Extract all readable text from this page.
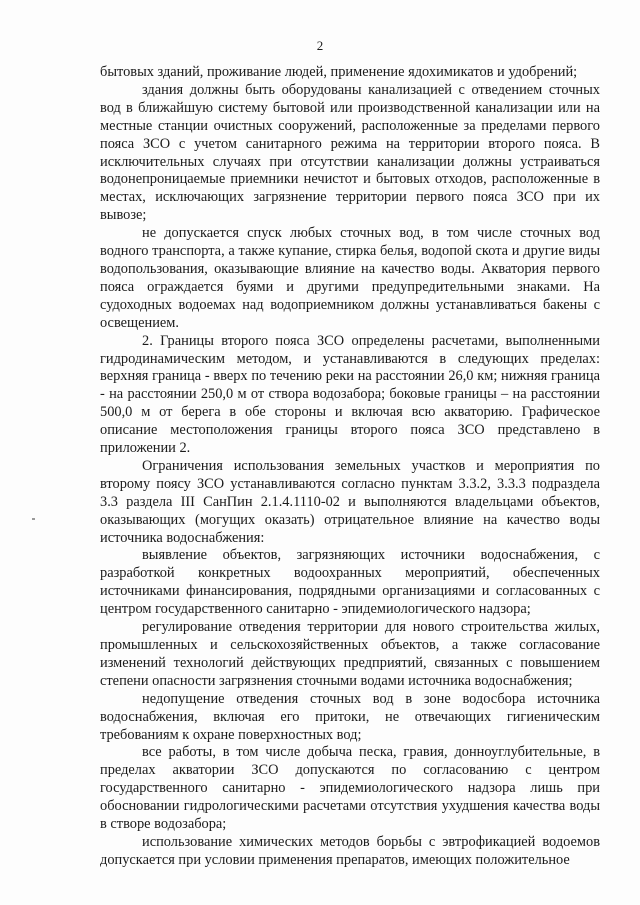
2

бытовых зданий, проживание людей, применение ядохимикатов и удобрений;

здания должны быть оборудованы канализацией с отведением сточных вод в ближайшую систему бытовой или производственной канализации или на местные станции очистных сооружений, расположенные за пределами первого пояса ЗСО с учетом санитарного режима на территории второго пояса. В исключительных случаях при отсутствии канализации должны устраиваться водонепроницаемые приемники нечистот и бытовых отходов, расположенные в местах, исключающих загрязнение территории первого пояса ЗСО при их вывозе;

не допускается спуск любых сточных вод, в том числе сточных вод водного транспорта, а также купание, стирка белья, водопой скота и другие виды водопользования, оказывающие влияние на качество воды. Акватория первого пояса ограждается буями и другими предупредительными знаками. На судоходных водоемах над водоприемником должны устанавливаться бакены с освещением.

2. Границы второго пояса ЗСО определены расчетами, выполненными гидродинамическим методом, и устанавливаются в следующих пределах: верхняя граница - вверх по течению реки на расстоянии 26,0 км; нижняя граница - на расстоянии 250,0 м от створа водозабора; боковые границы – на расстоянии 500,0 м от берега в обе стороны и включая всю акваторию. Графическое описание местоположения границы второго пояса ЗСО представлено в приложении 2.

Ограничения использования земельных участков и мероприятия по второму поясу ЗСО устанавливаются согласно пунктам 3.3.2, 3.3.3 подраздела 3.3 раздела III СанПин 2.1.4.1110-02 и выполняются владельцами объектов, оказывающих (могущих оказать) отрицательное влияние на качество воды источника водоснабжения:

выявление объектов, загрязняющих источники водоснабжения, с разработкой конкретных водоохранных мероприятий, обеспеченных источниками финансирования, подрядными организациями и согласованных с центром государственного санитарно - эпидемиологического надзора;

регулирование отведения территории для нового строительства жилых, промышленных и сельскохозяйственных объектов, а также согласование изменений технологий действующих предприятий, связанных с повышением степени опасности загрязнения сточными водами источника водоснабжения;

недопущение отведения сточных вод в зоне водосбора источника водоснабжения, включая его притоки, не отвечающих гигиеническим требованиям к охране поверхностных вод;

все работы, в том числе добыча песка, гравия, донноуглубительные, в пределах акватории ЗСО допускаются по согласованию с центром государственного санитарно - эпидемиологического надзора лишь при обосновании гидрологическими расчетами отсутствия ухудшения качества воды в створе водозабора;

использование химических методов борьбы с эвтрофикацией водоемов допускается при условии применения препаратов, имеющих положительное
